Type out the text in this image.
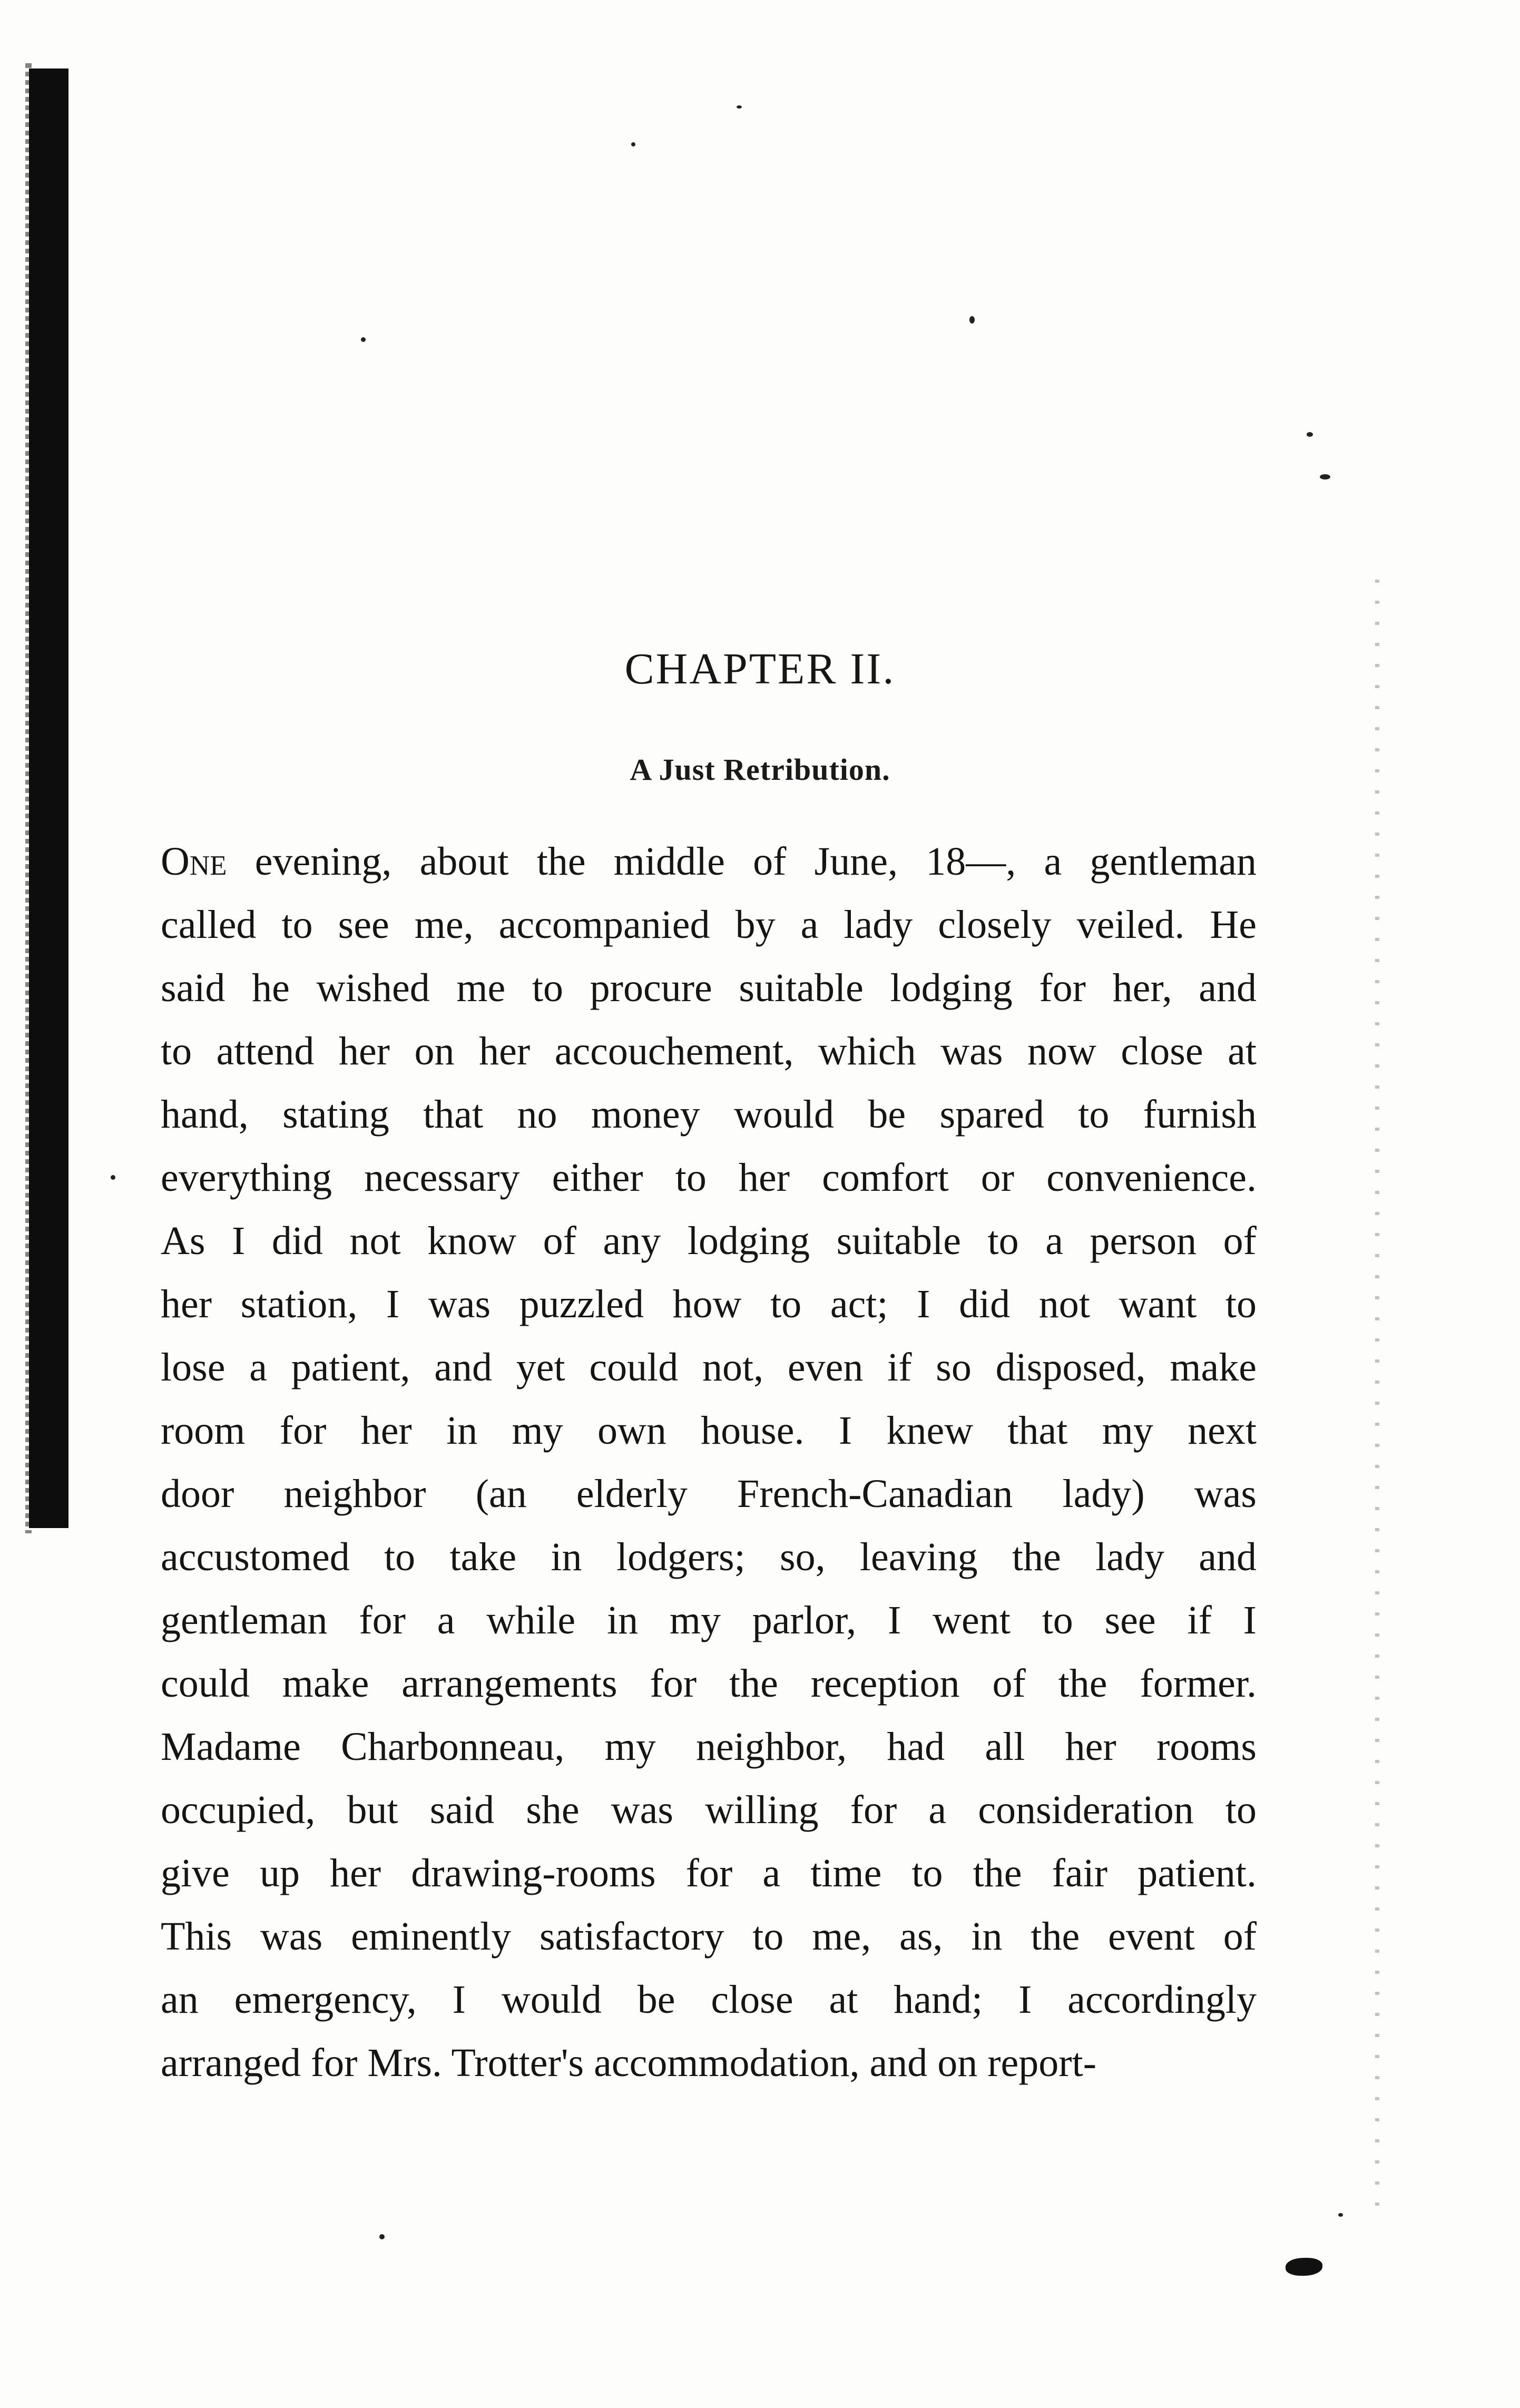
CHAPTER II.
A Just Retribution.
One evening, about the middle of June, 18—, a gentleman
called to see me, accompanied by a lady closely veiled. He
said he wished me to procure suitable lodging for her, and
to attend her on her accouchement, which was now close at
hand, stating that no money would be spared to furnish
everything necessary either to her comfort or convenience.
As I did not know of any lodging suitable to a person of
her station, I was puzzled how to act; I did not want to
lose a patient, and yet could not, even if so disposed, make
room for her in my own house. I knew that my next
door neighbor (an elderly French-Canadian lady) was
accustomed to take in lodgers; so, leaving the lady and
gentleman for a while in my parlor, I went to see if I
could make arrangements for the reception of the former.
Madame Charbonneau, my neighbor, had all her rooms
occupied, but said she was willing for a consideration to
give up her drawing-rooms for a time to the fair patient.
This was eminently satisfactory to me, as, in the event of
an emergency, I would be close at hand; I accordingly
arranged for Mrs. Trotter's accommodation, and on report-
